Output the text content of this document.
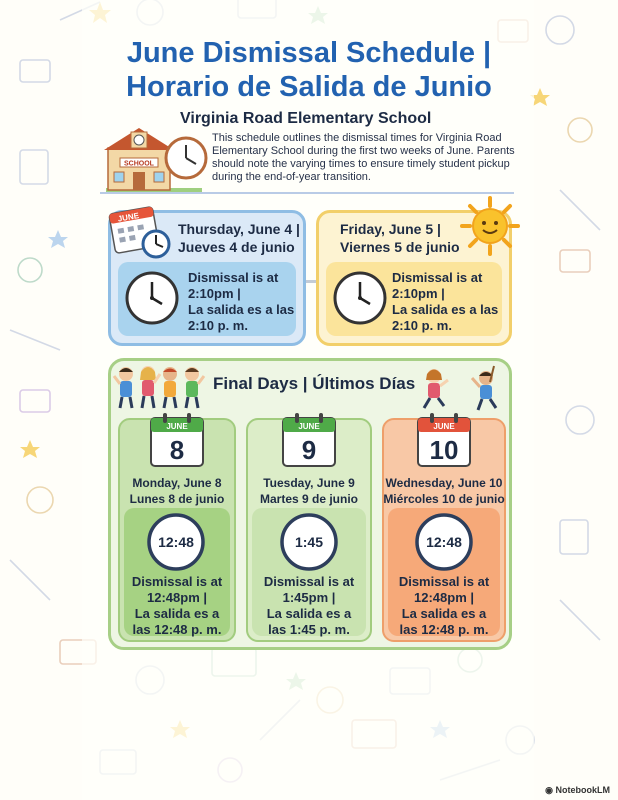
June Dismissal Schedule |
Horario de Salida de Junio
SCHOOL
Virginia Road Elementary School
This schedule outlines the dismissal times for Virginia Road Elementary School during the first two weeks of June. Parents should note the varying times to ensure timely student pickup during the end-of-year transition.
JUNE
Thursday, June 4 |
Jueves 4 de junio
Dismissal is at
2:10pm |
La salida es a las
2:10 p. m.
Friday, June 5 |
Viernes 5 de junio
Dismissal is at
2:10pm |
La salida es a las
2:10 p. m.
Final Days | Últimos Días
JUNE
8
Monday, June 8
Lunes 8 de junio
12:48
Dismissal is at
12:48pm |
La salida es a
las 12:48 p. m.
JUNE
9
Tuesday, June 9
Martes 9 de junio
1:45
Dismissal is at
1:45pm |
La salida es a
las 1:45 p. m.
JUNE
10
Wednesday, June 10
Miércoles 10 de junio
12:48
Dismissal is at
12:48pm |
La salida es a
las 12:48 p. m.
◉ NotebookLM
